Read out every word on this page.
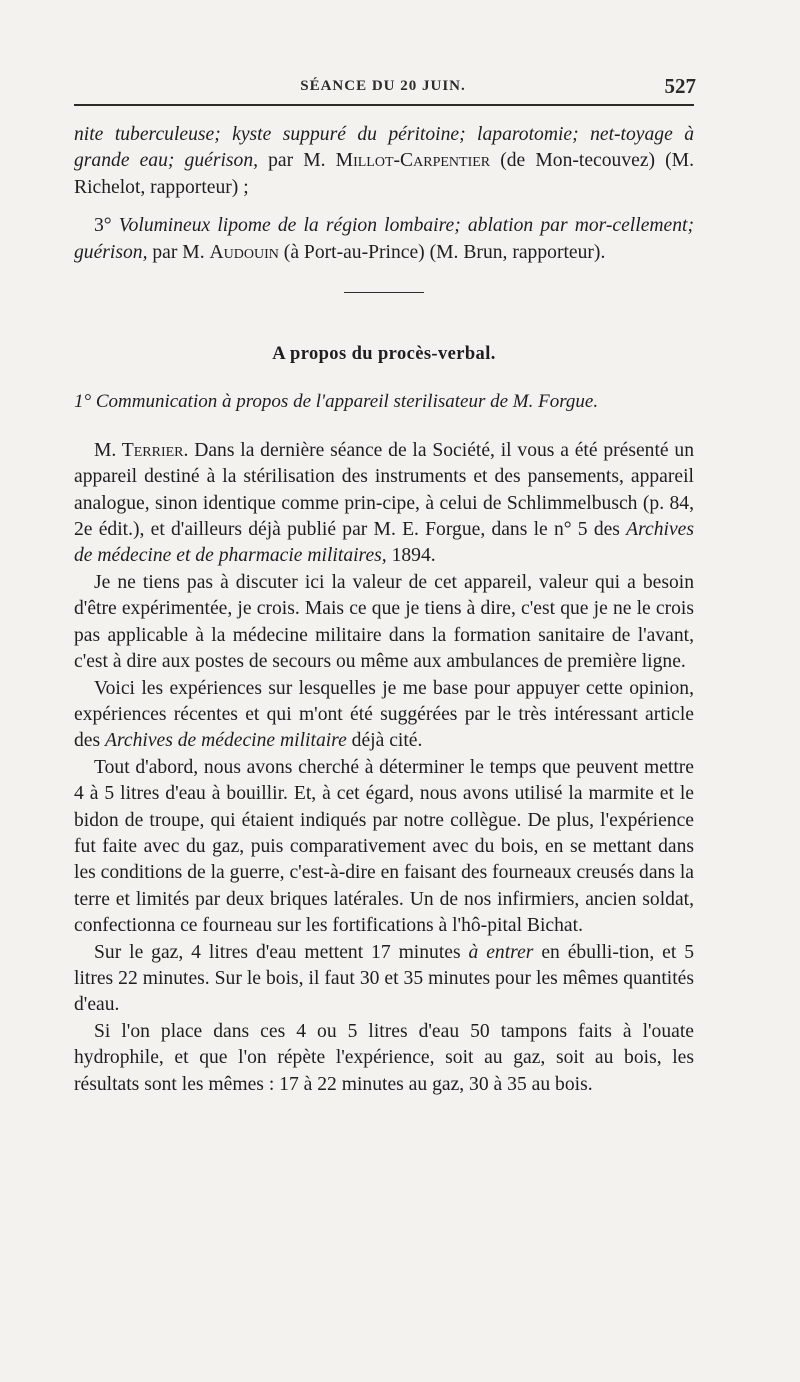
SÉANCE DU 20 JUIN.	527

nite tuberculeuse; kyste suppuré du péritoine; laparotomie; net-toyage à grande eau; guérison, par M. Millot-Carpentier (de Mon-tecouvez) (M. Richelot, rapporteur) ;

3° Volumineux lipome de la région lombaire; ablation par mor-cellement; guérison, par M. Audouin (à Port-au-Prince) (M. Brun, rapporteur).

A propos du procès-verbal.

1° Communication à propos de l'appareil sterilisateur de M. Forgue.

M. Terrier. Dans la dernière séance de la Société, il vous a été présenté un appareil destiné à la stérilisation des instruments et des pansements, appareil analogue, sinon identique comme prin-cipe, à celui de Schlimmelbusch (p. 84, 2e édit.), et d'ailleurs déjà publié par M. E. Forgue, dans le n° 5 des Archives de médecine et de pharmacie militaires, 1894.

Je ne tiens pas à discuter ici la valeur de cet appareil, valeur qui a besoin d'être expérimentée, je crois. Mais ce que je tiens à dire, c'est que je ne le crois pas applicable à la médecine militaire dans la formation sanitaire de l'avant, c'est à dire aux postes de secours ou même aux ambulances de première ligne.

Voici les expériences sur lesquelles je me base pour appuyer cette opinion, expériences récentes et qui m'ont été suggérées par le très intéressant article des Archives de médecine militaire déjà cité.

Tout d'abord, nous avons cherché à déterminer le temps que peuvent mettre 4 à 5 litres d'eau à bouillir. Et, à cet égard, nous avons utilisé la marmite et le bidon de troupe, qui étaient indiqués par notre collègue. De plus, l'expérience fut faite avec du gaz, puis comparativement avec du bois, en se mettant dans les conditions de la guerre, c'est-à-dire en faisant des fourneaux creusés dans la terre et limités par deux briques latérales. Un de nos infirmiers, ancien soldat, confectionna ce fourneau sur les fortifications à l'hô-pital Bichat.

Sur le gaz, 4 litres d'eau mettent 17 minutes à entrer en ébulli-tion, et 5 litres 22 minutes. Sur le bois, il faut 30 et 35 minutes pour les mêmes quantités d'eau.

Si l'on place dans ces 4 ou 5 litres d'eau 50 tampons faits à l'ouate hydrophile, et que l'on répète l'expérience, soit au gaz, soit au bois, les résultats sont les mêmes : 17 à 22 minutes au gaz, 30 à 35 au bois.
